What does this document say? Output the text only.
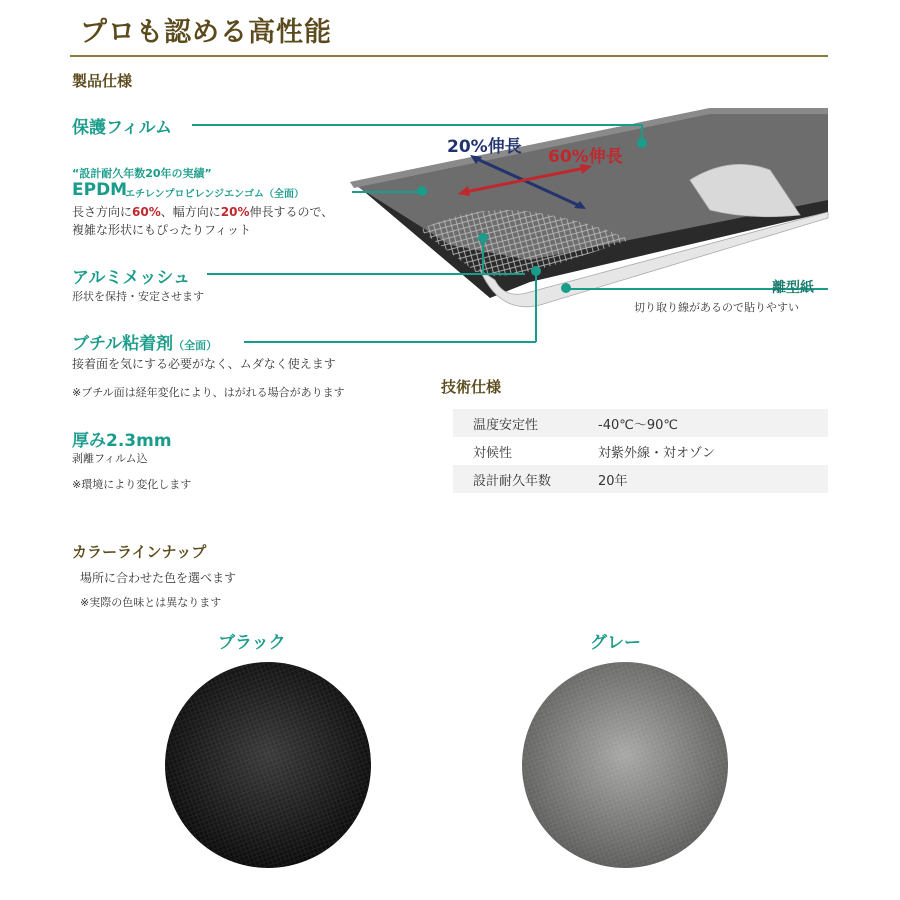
プロも認める高性能
20%伸長 60%伸長
製品仕様
保護フィルム
“設計耐久年数20年の実績”
EPDM
エチレンプロピレンジエンゴム（全面）
長さ方向に60%、幅方向に20%伸長するので、
複雑な形状にもぴったりフィット
アルミメッシュ
形状を保持・安定させます
ブチル粘着剤（全面）
接着面を気にする必要がなく、ムダなく使えます
※ブチル面は経年変化により、はがれる場合があります
離型紙
切り取り線があるので貼りやすい
厚み2.3mm
剥離フィルム込
※環境により変化します
技術仕様
温度安定性	-40℃〜90℃
対候性	対紫外線・対オゾン
設計耐久年数	20年
カラーラインナップ
場所に合わせた色を選べます
※実際の色味とは異なります
ブラック	グレー
